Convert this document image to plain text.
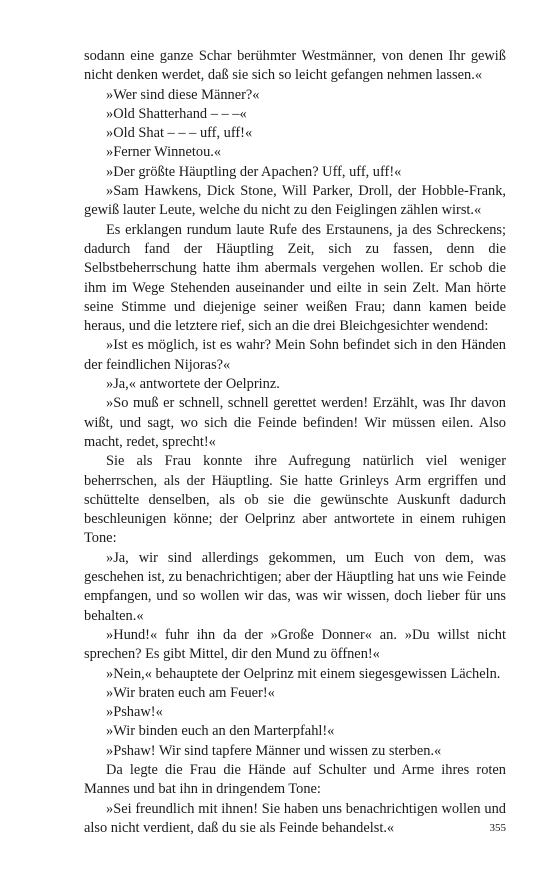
sodann eine ganze Schar berühmter Westmänner, von denen Ihr gewiß nicht denken werdet, daß sie sich so leicht gefangen nehmen lassen.«

»Wer sind diese Männer?«

»Old Shatterhand – – –«

»Old Shat – – – uff, uff!«

»Ferner Winnetou.«

»Der größte Häuptling der Apachen? Uff, uff, uff!«

»Sam Hawkens, Dick Stone, Will Parker, Droll, der Hobble-Frank, gewiß lauter Leute, welche du nicht zu den Feiglingen zählen wirst.«

Es erklangen rundum laute Rufe des Erstaunens, ja des Schreckens; dadurch fand der Häuptling Zeit, sich zu fassen, denn die Selbstbeherrschung hatte ihm abermals vergehen wollen. Er schob die ihm im Wege Stehenden auseinander und eilte in sein Zelt. Man hörte seine Stimme und diejenige seiner weißen Frau; dann kamen beide heraus, und die letztere rief, sich an die drei Bleichgesichter wendend:

»Ist es möglich, ist es wahr? Mein Sohn befindet sich in den Händen der feindlichen Nijoras?«

»Ja,« antwortete der Oelprinz.

»So muß er schnell, schnell gerettet werden! Erzählt, was Ihr davon wißt, und sagt, wo sich die Feinde befinden! Wir müssen eilen. Also macht, redet, sprecht!«

Sie als Frau konnte ihre Aufregung natürlich viel weniger beherrschen, als der Häuptling. Sie hatte Grinleys Arm ergriffen und schüttelte denselben, als ob sie die gewünschte Auskunft dadurch beschleunigen könne; der Oelprinz aber antwortete in einem ruhigen Tone:

»Ja, wir sind allerdings gekommen, um Euch von dem, was geschehen ist, zu benachrichtigen; aber der Häuptling hat uns wie Feinde empfangen, und so wollen wir das, was wir wissen, doch lieber für uns behalten.«

»Hund!« fuhr ihn da der »Große Donner« an. »Du willst nicht sprechen? Es gibt Mittel, dir den Mund zu öffnen!«

»Nein,« behauptete der Oelprinz mit einem siegesgewissen Lächeln.

»Wir braten euch am Feuer!«

»Pshaw!«

»Wir binden euch an den Marterpfahl!«

»Pshaw! Wir sind tapfere Männer und wissen zu sterben.«

Da legte die Frau die Hände auf Schulter und Arme ihres roten Mannes und bat ihn in dringendem Tone:

»Sei freundlich mit ihnen! Sie haben uns benachrichtigen wollen und also nicht verdient, daß du sie als Feinde behandelst.«	355
